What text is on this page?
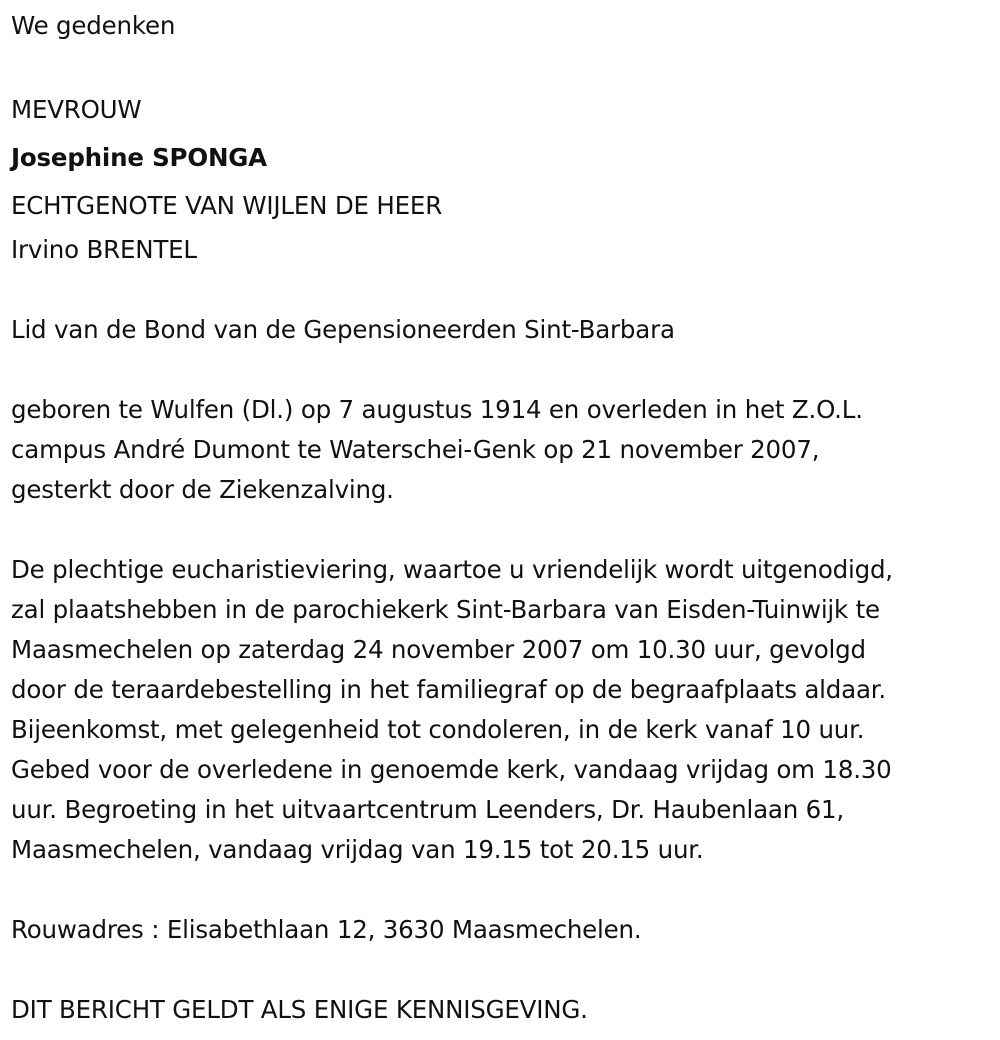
We gedenken
MEVROUW
Josephine SPONGA
ECHTGENOTE VAN WIJLEN DE HEER
Irvino BRENTEL
Lid van de Bond van de Gepensioneerden Sint-Barbara
geboren te Wulfen (Dl.) op 7 augustus 1914 en overleden in het Z.O.L.
campus André Dumont te Waterschei-Genk op 21 november 2007,
gesterkt door de Ziekenzalving.
De plechtige eucharistieviering, waartoe u vriendelijk wordt uitgenodigd,
zal plaatshebben in de parochiekerk Sint-Barbara van Eisden-Tuinwijk te
Maasmechelen op zaterdag 24 november 2007 om 10.30 uur, gevolgd
door de teraardebestelling in het familiegraf op de begraafplaats aldaar.
Bijeenkomst, met gelegenheid tot condoleren, in de kerk vanaf 10 uur.
Gebed voor de overledene in genoemde kerk, vandaag vrijdag om 18.30
uur. Begroeting in het uitvaartcentrum Leenders, Dr. Haubenlaan 61,
Maasmechelen, vandaag vrijdag van 19.15 tot 20.15 uur.
Rouwadres : Elisabethlaan 12, 3630 Maasmechelen.
DIT BERICHT GELDT ALS ENIGE KENNISGEVING.
